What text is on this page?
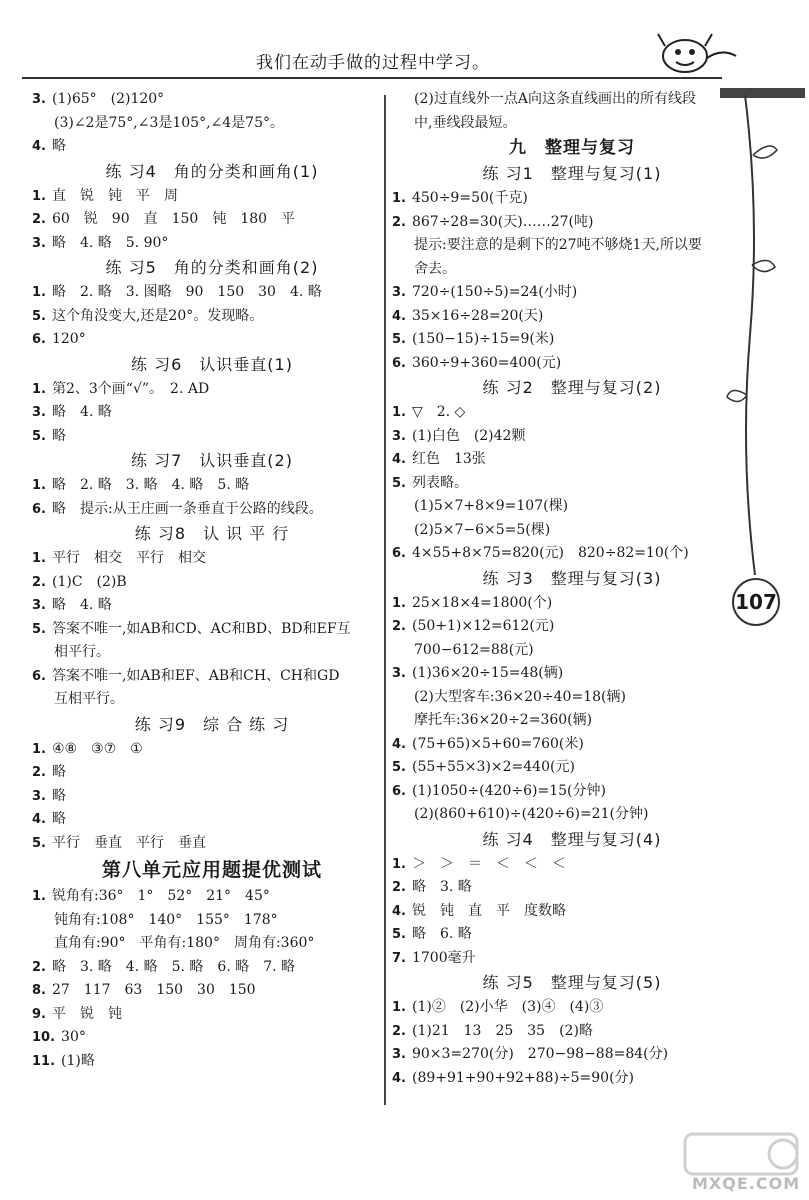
我们在动手做的过程中学习。
3. (1)65°　(2)120°
(3)∠2是75°,∠3是105°,∠4是75°。
4. 略
练 习4　角的分类和画角(1)
1. 直　锐　钝　平　周
2. 60　锐　90　直　150　钝　180　平
3. 略　4. 略　5. 90°
练 习5　角的分类和画角(2)
1. 略　2. 略　3. 图略　90　150　30　4. 略
5. 这个角没变大,还是20°。发现略。
6. 120°
练 习6　认识垂直(1)
1. 第2、3个画“√”。　2. AD
3. 略　4. 略
5. 略
练 习7　认识垂直(2)
1. 略　2. 略　3. 略　4. 略　5. 略
6. 略　提示:从王庄画一条垂直于公路的线段。
练 习8　认 识 平 行
1. 平行　相交　平行　相交
2. (1)C　(2)B
3. 略　4. 略
5. 答案不唯一,如AB和CD、AC和BD、BD和EF互
相平行。
6. 答案不唯一,如AB和EF、AB和CH、CH和GD
互相平行。
练 习9　综 合 练 习
1. ④⑧　③⑦　①
2. 略
3. 略
4. 略
5. 平行　垂直　平行　垂直
第八单元应用题提优测试
1. 锐角有:36°　1°　52°　21°　45°
钝角有:108°　140°　155°　178°
直角有:90°　平角有:180°　周角有:360°
2. 略　3. 略　4. 略　5. 略　6. 略　7. 略
8. 27　117　63　150　30　150
9. 平　锐　钝
10. 30°
11. (1)略
(2)过直线外一点A向这条直线画出的所有线段
中,垂线段最短。
九　整理与复习
练 习1　整理与复习(1)
1. 450÷9=50(千克)
2. 867÷28=30(天)……27(吨)
提示:要注意的是剩下的27吨不够烧1天,所以要
舍去。
3. 720÷(150÷5)=24(小时)
4. 35×16÷28=20(天)
5. (150−15)÷15=9(米)
6. 360÷9+360=400(元)
练 习2　整理与复习(2)
1. ▽　2. ◇
3. (1)白色　(2)42颗
4. 红色　13张
5. 列表略。
(1)5×7+8×9=107(棵)
(2)5×7−6×5=5(棵)
6. 4×55+8×75=820(元)　820÷82=10(个)
练 习3　整理与复习(3)
1. 25×18×4=1800(个)
2. (50+1)×12=612(元)
700−612=88(元)
3. (1)36×20÷15=48(辆)
(2)大型客车:36×20÷40=18(辆)
摩托车:36×20÷2=360(辆)
4. (75+65)×5+60=760(米)
5. (55+55×3)×2=440(元)
6. (1)1050÷(420÷6)=15(分钟)
(2)(860+610)÷(420÷6)=21(分钟)
练 习4　整理与复习(4)
1. ＞　＞　＝　＜　＜　＜
2. 略　3. 略
4. 锐　钝　直　平　度数略
5. 略　6. 略
7. 1700毫升
练 习5　整理与复习(5)
1. (1)②　(2)小华　(3)④　(4)③
2. (1)21　13　25　35　(2)略
3. 90×3=270(分)　270−98−88=84(分)
4. (89+91+90+92+88)÷5=90(分)
107
MXQE.COM
